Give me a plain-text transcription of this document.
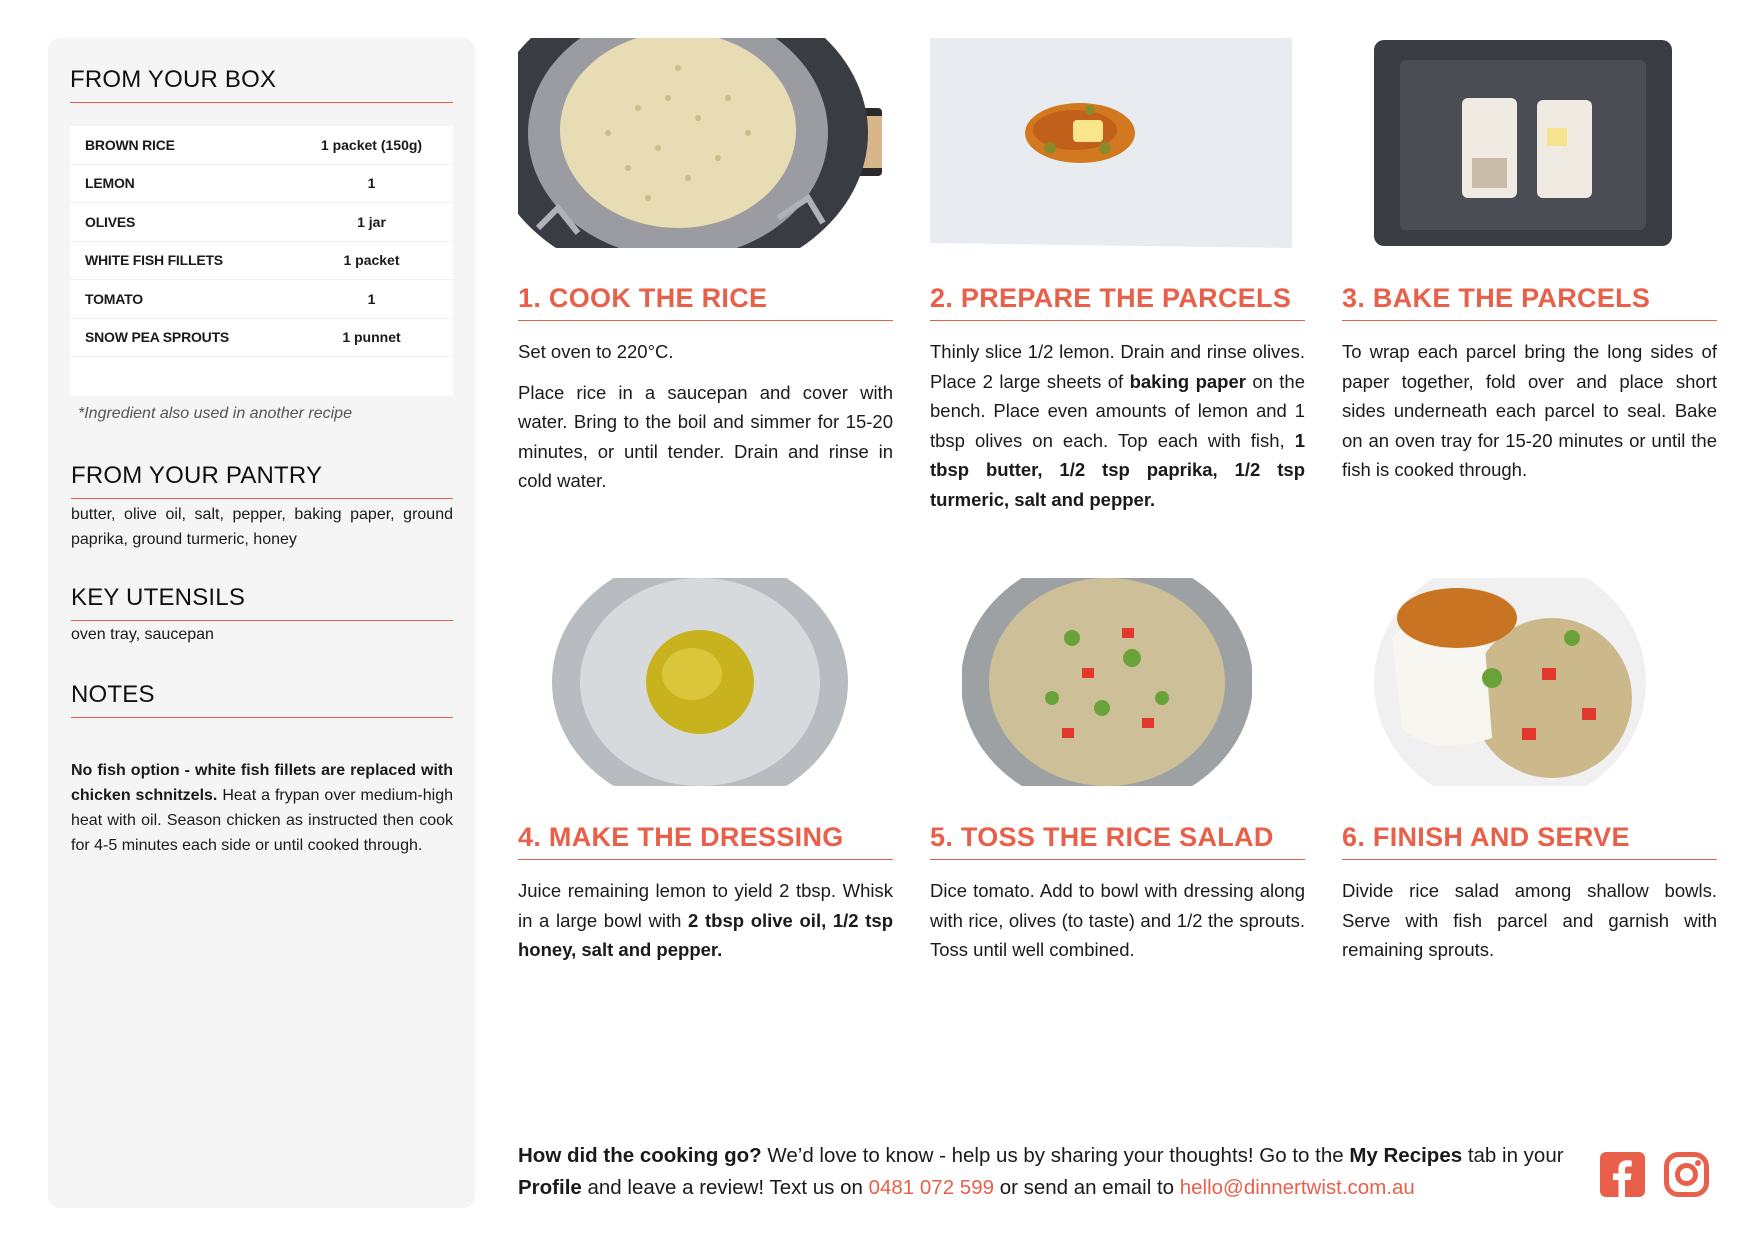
FROM YOUR BOX
BROWN RICE	1 packet (150g)
LEMON	1
OLIVES	1 jar
WHITE FISH FILLETS	1 packet
TOMATO	1
SNOW PEA SPROUTS	1 punnet
*Ingredient also used in another recipe
FROM YOUR PANTRY

butter, olive oil, salt, pepper, baking paper, ground paprika, ground turmeric, honey

KEY UTENSILS

oven tray, saucepan

NOTES

No fish option - white fish fillets are replaced with chicken schnitzels. Heat a frypan over medium-high heat with oil. Season chicken as instructed then cook for 4-5 minutes each side or until cooked through.

1. COOK THE RICE

Set oven to 220°C.

Place rice in a saucepan and cover with water. Bring to the boil and simmer for 15-20 minutes, or until tender. Drain and rinse in cold water.

2. PREPARE THE PARCELS

Thinly slice 1/2 lemon. Drain and rinse olives. Place 2 large sheets of baking paper on the bench. Place even amounts of lemon and 1 tbsp olives on each. Top each with fish, 1 tbsp butter, 1/2 tsp paprika, 1/2 tsp turmeric, salt and pepper.

3. BAKE THE PARCELS

To wrap each parcel bring the long sides of paper together, fold over and place short sides underneath each parcel to seal. Bake on an oven tray for 15-20 minutes or until the fish is cooked through.

4. MAKE THE DRESSING

Juice remaining lemon to yield 2 tbsp. Whisk in a large bowl with 2 tbsp olive oil, 1/2 tsp honey, salt and pepper.

5. TOSS THE RICE SALAD

Dice tomato. Add to bowl with dressing along with rice, olives (to taste) and 1/2 the sprouts. Toss until well combined.

6. FINISH AND SERVE

Divide rice salad among shallow bowls. Serve with fish parcel and garnish with remaining sprouts.

How did the cooking go? We’d love to know - help us by sharing your thoughts! Go to the My Recipes tab in your Profile and leave a review! Text us on 0481 072 599 or send an email to hello@dinnertwist.com.au
